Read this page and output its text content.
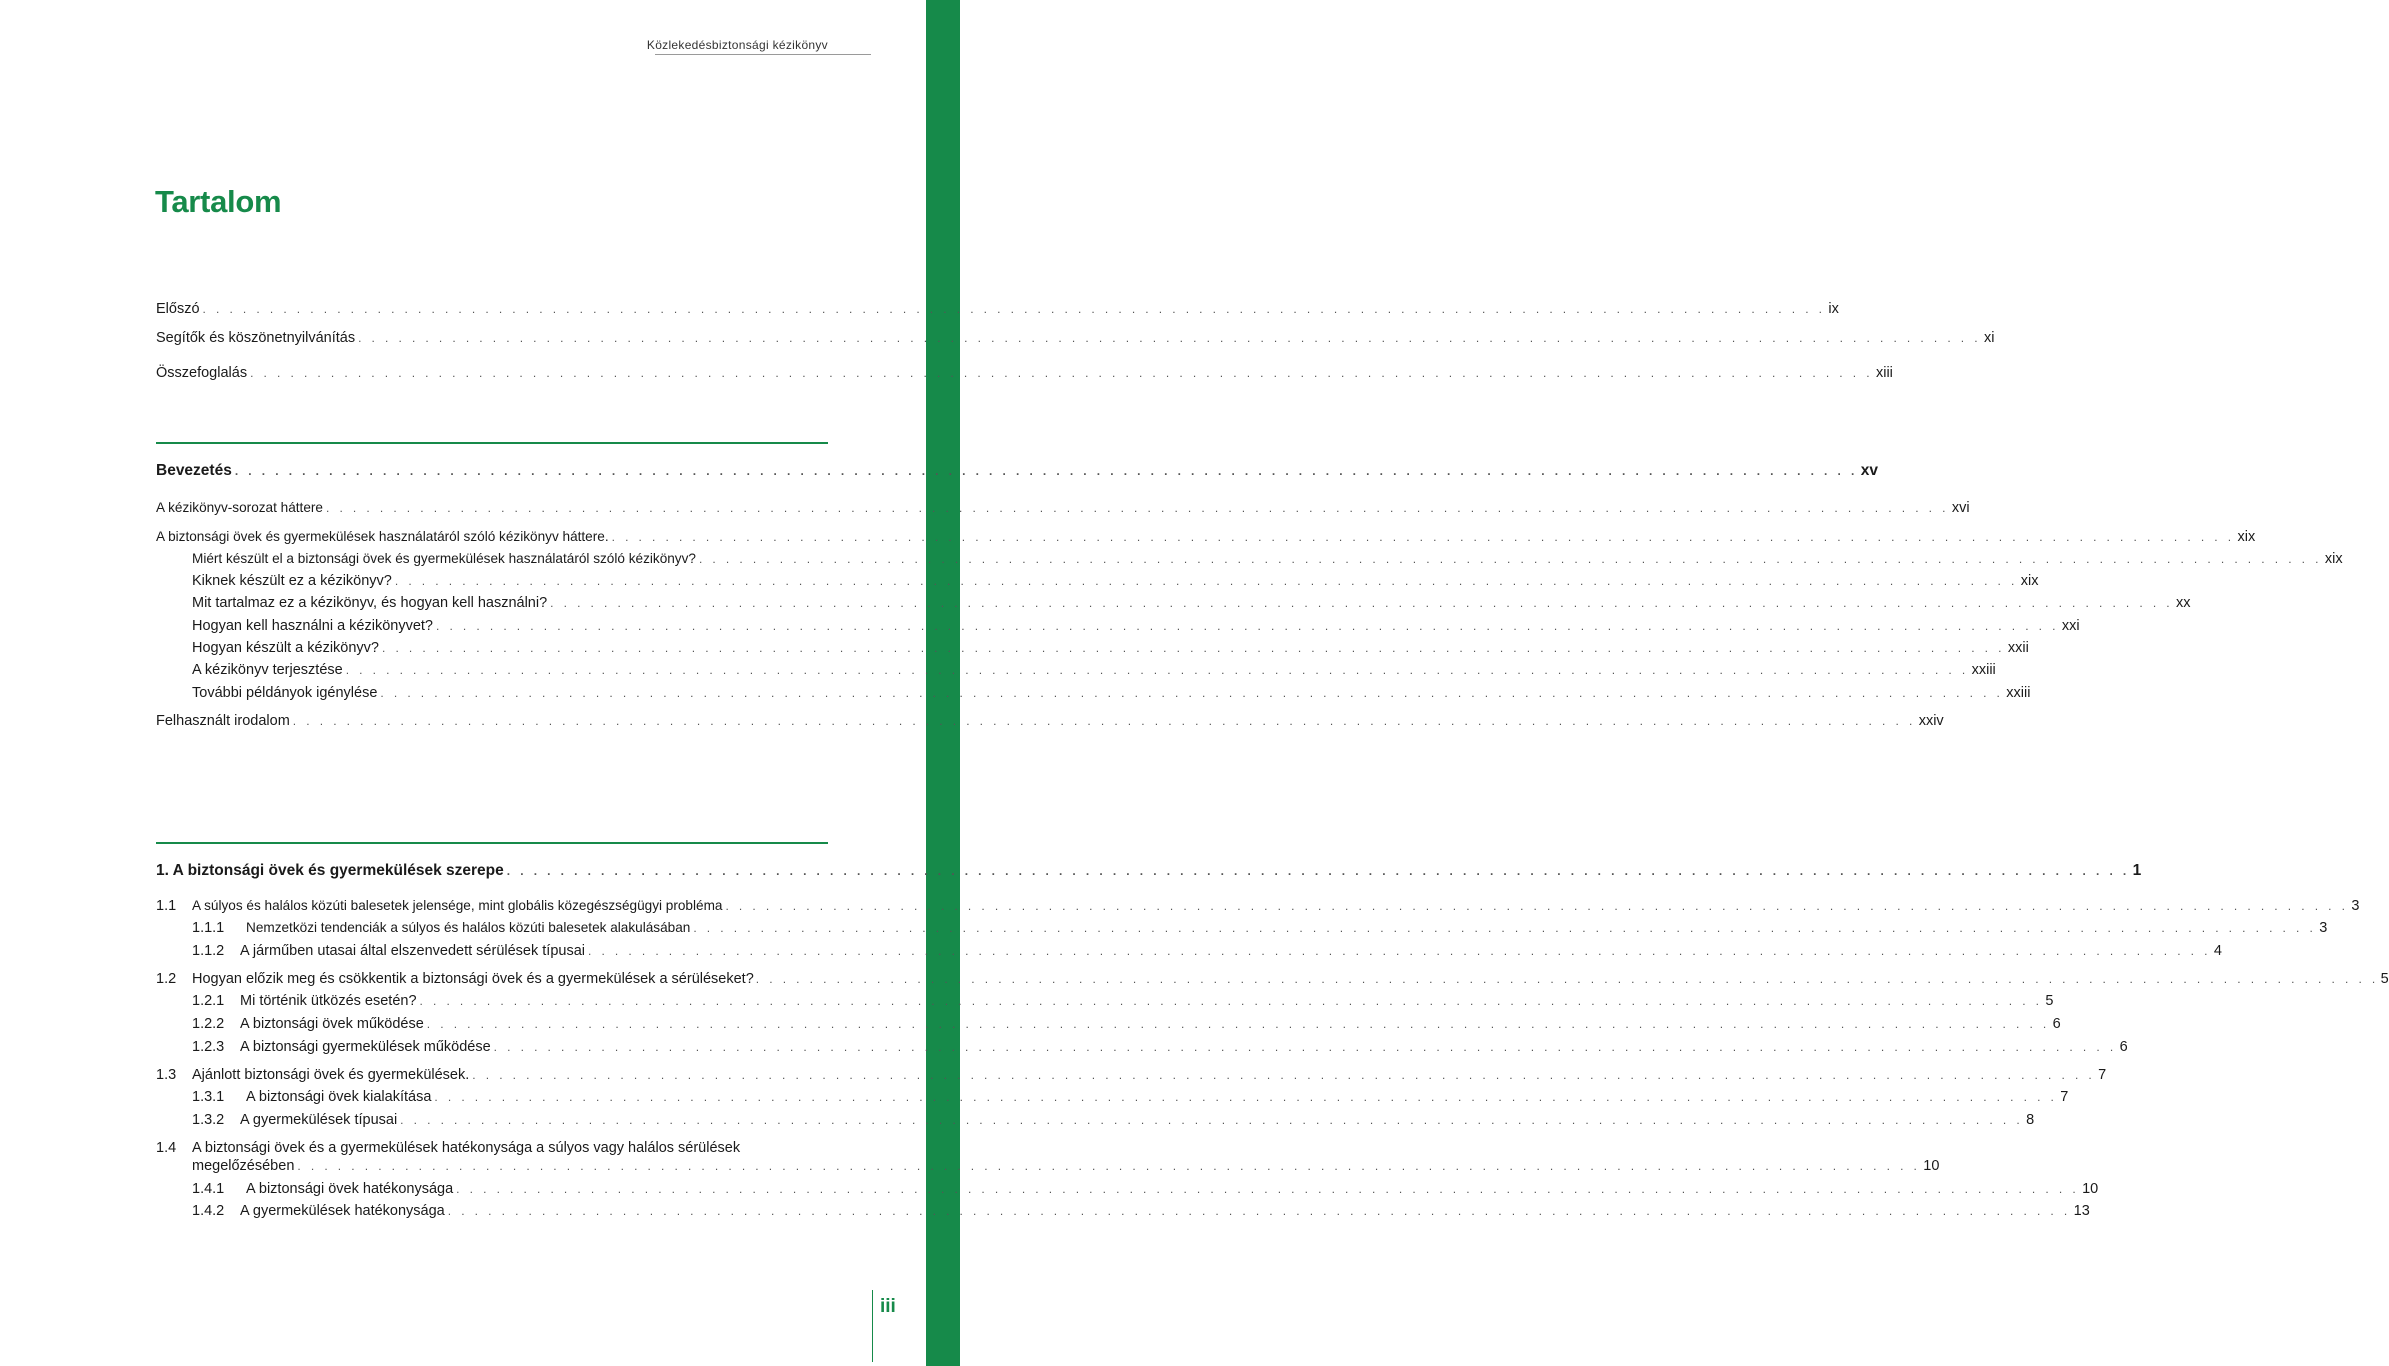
Közlekedésbiztonsági kézikönyv
Közlekedésbiztonsági kézikönyv
Tartalom
Előszó . . .	ix
Segítők és köszönetnyilvánítás . . .	xi
Összefoglalás . . .	xiii
Bevezetés . . .	xv
A kézikönyv-sorozat háttere . . .	xvi
A biztonsági övek és gyermekülések használatáról szóló kézikönyv háttere. . . .	xix
Miért készült el a biztonsági övek és gyermekülések használatáról szóló kézikönyv? . . .	xix
Kiknek készült ez a kézikönyv? . . .	xix
Mit tartalmaz ez a kézikönyv, és hogyan kell használni? . . .	xx
Hogyan kell használni a kézikönyvet? . . .	xxi
Hogyan készült a kézikönyv? . . .	xxii
A kézikönyv terjesztése . . .	xxiii
További példányok igénylése . . .	xxiii
Felhasznált irodalom . . .	xxiv
1. A biztonsági övek és gyermekülések szerepe . . .	1
1.1	A súlyos és halálos közúti balesetek jelensége, mint globális közegészségügyi probléma . . .	3
1.1.1	Nemzetközi tendenciák a súlyos és halálos közúti balesetek alakulásában . . .	3
1.1.2	A járműben utasai által elszenvedett sérülések típusai . . .	4
1.2	Hogyan előzik meg és csökkentik a biztonsági övek és a gyermekülések a sérüléseket? . . .	5
1.2.1	Mi történik ütközés esetén? . . .	5
1.2.2	A biztonsági övek működése . . .	6
1.2.3	A biztonsági gyermekülések működése . . .	6
1.3	Ajánlott biztonsági övek és gyermekülések. . . .	7
1.3.1	A biztonsági övek kialakítása . . .	7
1.3.2	A gyermekülések típusai . . .	8
1.4 A biztonsági övek és a gyermekülések hatékonysága a súlyos vagy halálos sérülések
megelőzésében . . .	10
1.4.1	A biztonsági övek hatékonysága . . .	10
1.4.2	A gyermekülések hatékonysága . . .	13
iii
